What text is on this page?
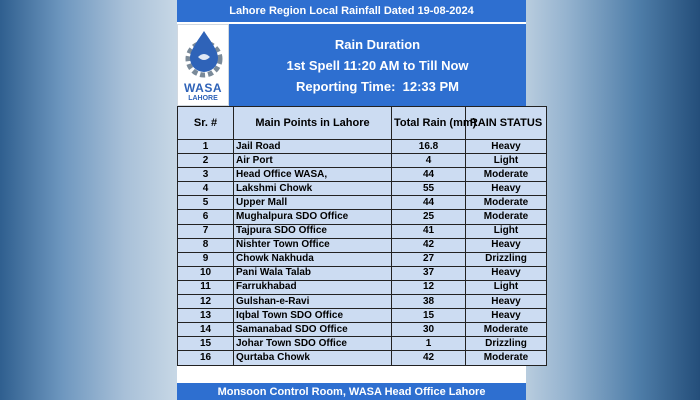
Lahore Region Local Rainfall Dated 19-08-2024
WASA
LAHORE
Rain Duration
1st Spell 11:20 AM to Till Now
Reporting Time:  12:33 PM
Sr. #	Main Points in Lahore	Total Rain (mm)	RAIN STATUS
1	Jail Road	16.8	Heavy
2	Air Port	4	Light
3	Head Office WASA,	44	Moderate
4	Lakshmi Chowk	55	Heavy
5	Upper Mall	44	Moderate
6	Mughalpura SDO Office	25	Moderate
7	Tajpura SDO Office	41	Light
8	Nishter Town Office	42	Heavy
9	Chowk Nakhuda	27	Drizzling
10	Pani Wala Talab	37	Heavy
11	Farrukhabad	12	Light
12	Gulshan-e-Ravi	38	Heavy
13	Iqbal Town SDO Office	15	Heavy
14	Samanabad SDO Office	30	Moderate
15	Johar Town SDO Office	1	Drizzling
16	Qurtaba Chowk	42	Moderate
Monsoon Control Room, WASA Head Office Lahore
